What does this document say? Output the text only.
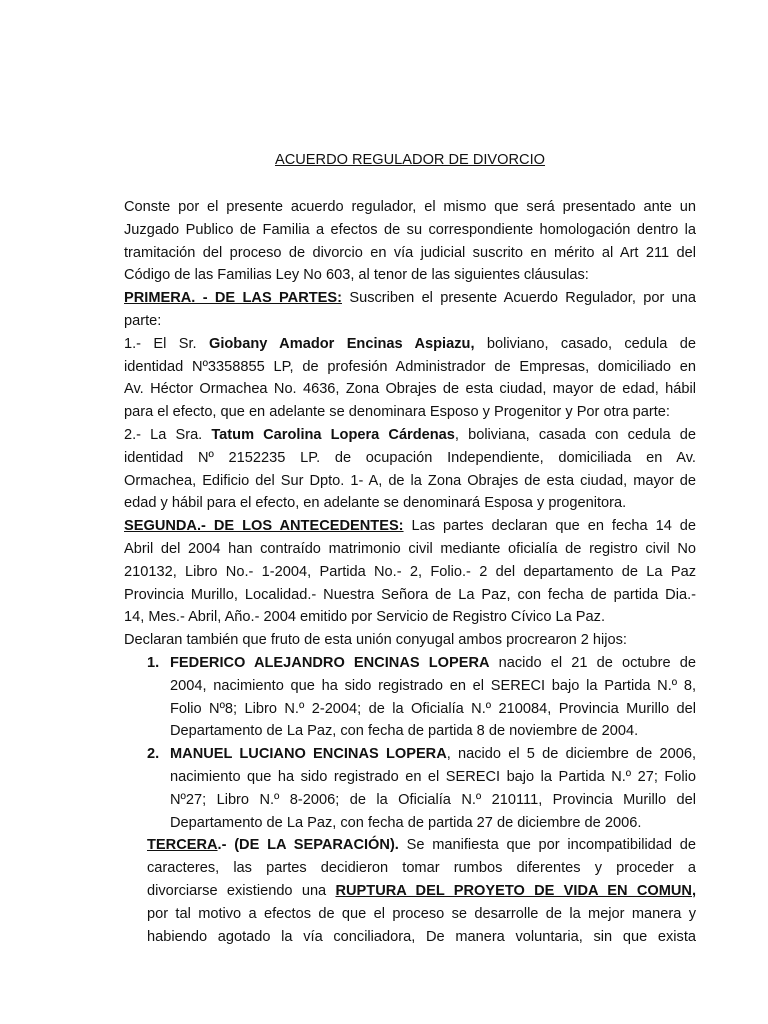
ACUERDO REGULADOR DE DIVORCIO
Conste por el presente acuerdo regulador, el mismo que será presentado ante un
Juzgado Publico de Familia a efectos de su correspondiente homologación dentro la
tramitación del proceso de divorcio en vía judicial suscrito en mérito al Art 211 del
Código de las Familias Ley No 603, al tenor de las siguientes cláusulas:
PRIMERA. - DE LAS PARTES: Suscriben el presente Acuerdo Regulador, por una
parte:
1.- El Sr. Giobany Amador Encinas Aspiazu, boliviano, casado, cedula de
identidad Nº3358855 LP, de profesión Administrador de Empresas, domiciliado en
Av. Héctor Ormachea No. 4636, Zona Obrajes de esta ciudad, mayor de edad, hábil
para el efecto, que en adelante se denominara Esposo y Progenitor y Por otra parte:
2.- La Sra. Tatum Carolina Lopera Cárdenas, boliviana, casada con cedula de
identidad Nº 2152235 LP. de ocupación Independiente, domiciliada en Av.
Ormachea, Edificio del Sur Dpto. 1- A, de la Zona Obrajes de esta ciudad, mayor de
edad y hábil para el efecto, en adelante se denominará Esposa y progenitora.
SEGUNDA.- DE LOS ANTECEDENTES: Las partes declaran que en fecha 14 de
Abril del 2004 han contraído matrimonio civil mediante oficialía de registro civil No
210132, Libro No.- 1-2004, Partida No.- 2, Folio.- 2 del departamento de La Paz
Provincia Murillo, Localidad.- Nuestra Señora de La Paz, con fecha de partida Dia.-
14, Mes.- Abril, Año.- 2004 emitido por Servicio de Registro Cívico La Paz.
Declaran también que fruto de esta unión conyugal ambos procrearon 2 hijos:
1. FEDERICO ALEJANDRO ENCINAS LOPERA nacido el 21 de octubre de
2004, nacimiento que ha sido registrado en el SERECI bajo la Partida N.º 8,
Folio Nº8; Libro N.º 2-2004; de la Oficialía N.º 210084, Provincia Murillo del
Departamento de La Paz, con fecha de partida 8 de noviembre de 2004.
2. MANUEL LUCIANO ENCINAS LOPERA, nacido el 5 de diciembre de 2006,
nacimiento que ha sido registrado en el SERECI bajo la Partida N.º 27; Folio
Nº27; Libro N.º 8-2006; de la Oficialía N.º 210111, Provincia Murillo del
Departamento de La Paz, con fecha de partida 27 de diciembre de 2006.
TERCERA.- (DE LA SEPARACIÓN). Se manifiesta que por incompatibilidad de
caracteres, las partes decidieron tomar rumbos diferentes y proceder a
divorciarse existiendo una RUPTURA DEL PROYETO DE VIDA EN COMUN,
por tal motivo a efectos de que el proceso se desarrolle de la mejor manera y
habiendo agotado la vía conciliadora, De manera voluntaria, sin que exista
